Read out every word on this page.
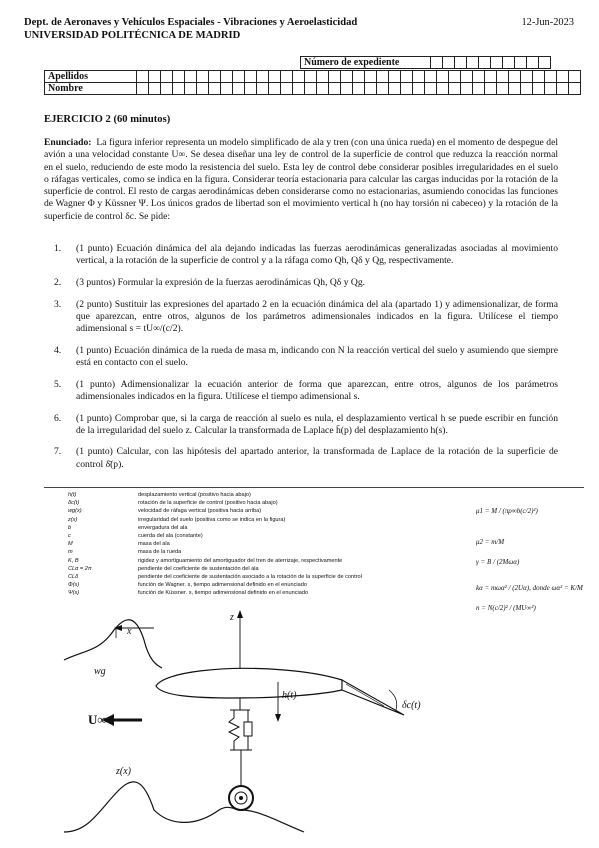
Dept. de Aeronaves y Vehículos Espaciales - Vibraciones y Aeroelasticidad
UNIVERSIDAD POLITÉCNICA DE MADRID
12-Jun-2023
Número de expediente										
Apellidos																																					
Nombre																																					
EJERCICIO 2 (60 minutos)
Enunciado: La figura inferior representa un modelo simplificado de ala y tren (con una única rueda) en el momento de despegue del avión a una velocidad constante U∞. Se desea diseñar una ley de control de la superficie de control que reduzca la reacción normal en el suelo, reduciendo de este modo la resistencia del suelo. Esta ley de control debe considerar posibles irregularidades en el suelo o ráfagas verticales, como se indica en la figura. Considerar teoría estacionaria para calcular las cargas inducidas por la rotación de la superficie de control. El resto de cargas aerodinámicas deben considerarse como no estacionarias, asumiendo conocidas las funciones de Wagner Φ y Küssner Ψ. Los únicos grados de libertad son el movimiento vertical h (no hay torsión ni cabeceo) y la rotación de la superficie de control δc. Se pide:
1.	(1 punto) Ecuación dinámica del ala dejando indicadas las fuerzas aerodinámicas generalizadas asociadas al movimiento vertical, a la rotación de la superficie de control y a la ráfaga como Qh, Qδ y Qg, respectivamente.
2.	(3 puntos) Formular la expresión de la fuerzas aerodinámicas Qh, Qδ y Qg.
3.	(2 punto) Sustituir las expresiones del apartado 2 en la ecuación dinámica del ala (apartado 1) y adimensionalizar, de forma que aparezcan, entre otros, algunos de los parámetros adimensionales indicados en la figura. Utilícese el tiempo adimensional s = tU∞/(c/2).
4.	(1 punto) Ecuación dinámica de la rueda de masa m, indicando con N la reacción vertical del suelo y asumiendo que siempre está en contacto con el suelo.
5.	(1 punto) Adimensionalizar la ecuación anterior de forma que aparezcan, entre otros, algunos de los parámetros adimensionales indicados en la figura. Utilícese el tiempo adimensional s.
6.	(1 punto) Comprobar que, si la carga de reacción al suelo es nula, el desplazamiento vertical h se puede escribir en función de la irregularidad del suelo z. Calcular la transformada de Laplace h̄(p) del desplazamiento h(s).
7.	(1 punto) Calcular, con las hipótesis del apartado anterior, la transformada de Laplace de la rotación de la superficie de control δ̄(p).
h(t)	desplazamiento vertical (positivo hacia abajo)
δc(t)	rotación de la superficie de control (positivo hacia abajo)
wg(x)	velocidad de ráfaga vertical (positiva hacia arriba)
z(x)	irregularidad del suelo (positiva como se indica en la figura)
b	envergadura del ala
c	cuerda del ala (constante)
M	masa del ala
m	masa de la rueda
K, B	rigidez y amortiguamiento del amortiguador del tren de aterrizaje, respectivamente
CLα = 2π	pendiente del coeficiente de sustentación del ala
CLδ	pendiente del coeficiente de sustentación asociado a la rotación de la superficie de control
Φ(s)	función de Wagner. s, tiempo adimensional definido en el enunciado
Ψ(s)	función de Küssner. s, tiempo adimensional definido en el enunciado
μ1 = M / (πρ∞b(c/2)²)
μ2 = m/M
γ = B / (2Mωα)
kα = mωα² / (2Uα), donde ωα² = K/M
n = N(c/2)² / (MU∞²)
x
z
wg
h(t)
δc(t)
U∞
z(x)
